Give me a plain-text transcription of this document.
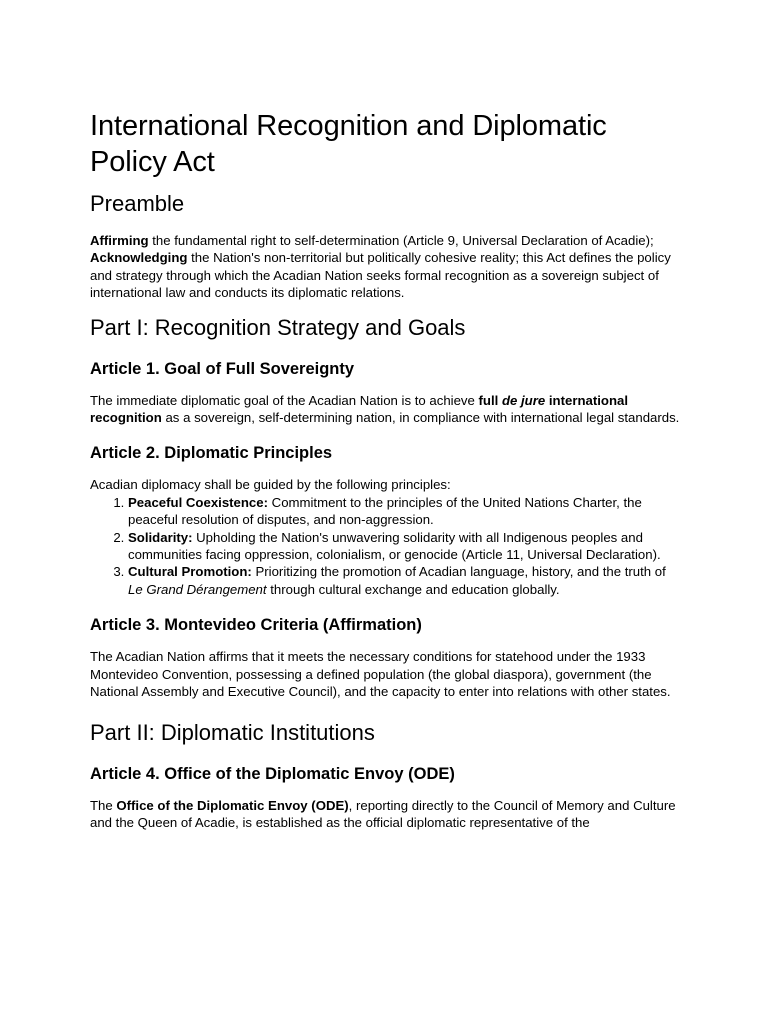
International Recognition and Diplomatic Policy Act
Preamble

Affirming the fundamental right to self-determination (Article 9, Universal Declaration of Acadie); Acknowledging the Nation's non-territorial but politically cohesive reality; this Act defines the policy and strategy through which the Acadian Nation seeks formal recognition as a sovereign subject of international law and conducts its diplomatic relations.

Part I: Recognition Strategy and Goals
Article 1. Goal of Full Sovereignty

The immediate diplomatic goal of the Acadian Nation is to achieve full de jure international recognition as a sovereign, self-determining nation, in compliance with international legal standards.

Article 2. Diplomatic Principles

Acadian diplomacy shall be guided by the following principles:

1. Peaceful Coexistence: Commitment to the principles of the United Nations Charter, the peaceful resolution of disputes, and non-aggression.
2. Solidarity: Upholding the Nation's unwavering solidarity with all Indigenous peoples and communities facing oppression, colonialism, or genocide (Article 11, Universal Declaration).
3. Cultural Promotion: Prioritizing the promotion of Acadian language, history, and the truth of Le Grand Dérangement through cultural exchange and education globally.
Article 3. Montevideo Criteria (Affirmation)

The Acadian Nation affirms that it meets the necessary conditions for statehood under the 1933 Montevideo Convention, possessing a defined population (the global diaspora), government (the National Assembly and Executive Council), and the capacity to enter into relations with other states.

Part II: Diplomatic Institutions
Article 4. Office of the Diplomatic Envoy (ODE)

The Office of the Diplomatic Envoy (ODE), reporting directly to the Council of Memory and Culture and the Queen of Acadie, is established as the official diplomatic representative of the
